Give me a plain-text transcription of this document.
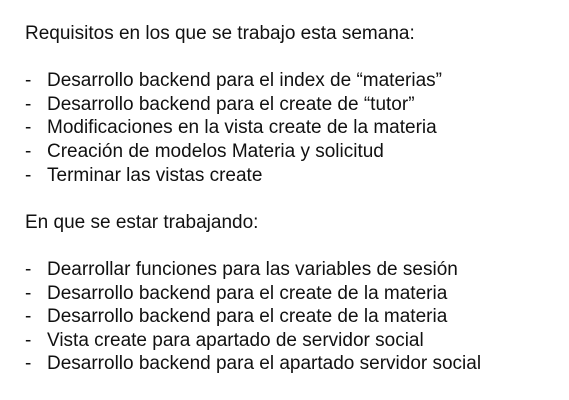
Requisitos en los que se trabajo esta semana:

- Desarrollo backend para el index de “materias”
- Desarrollo backend para el create de “tutor”
- Modificaciones en la vista create de la materia
- Creación de modelos Materia y solicitud
- Terminar las vistas create

En que se estar trabajando:

- Dearrollar funciones para las variables de sesión
- Desarrollo backend para el create de la materia
- Desarrollo backend para el create de la materia
- Vista create para apartado de servidor social
- Desarrollo backend para el apartado servidor social
